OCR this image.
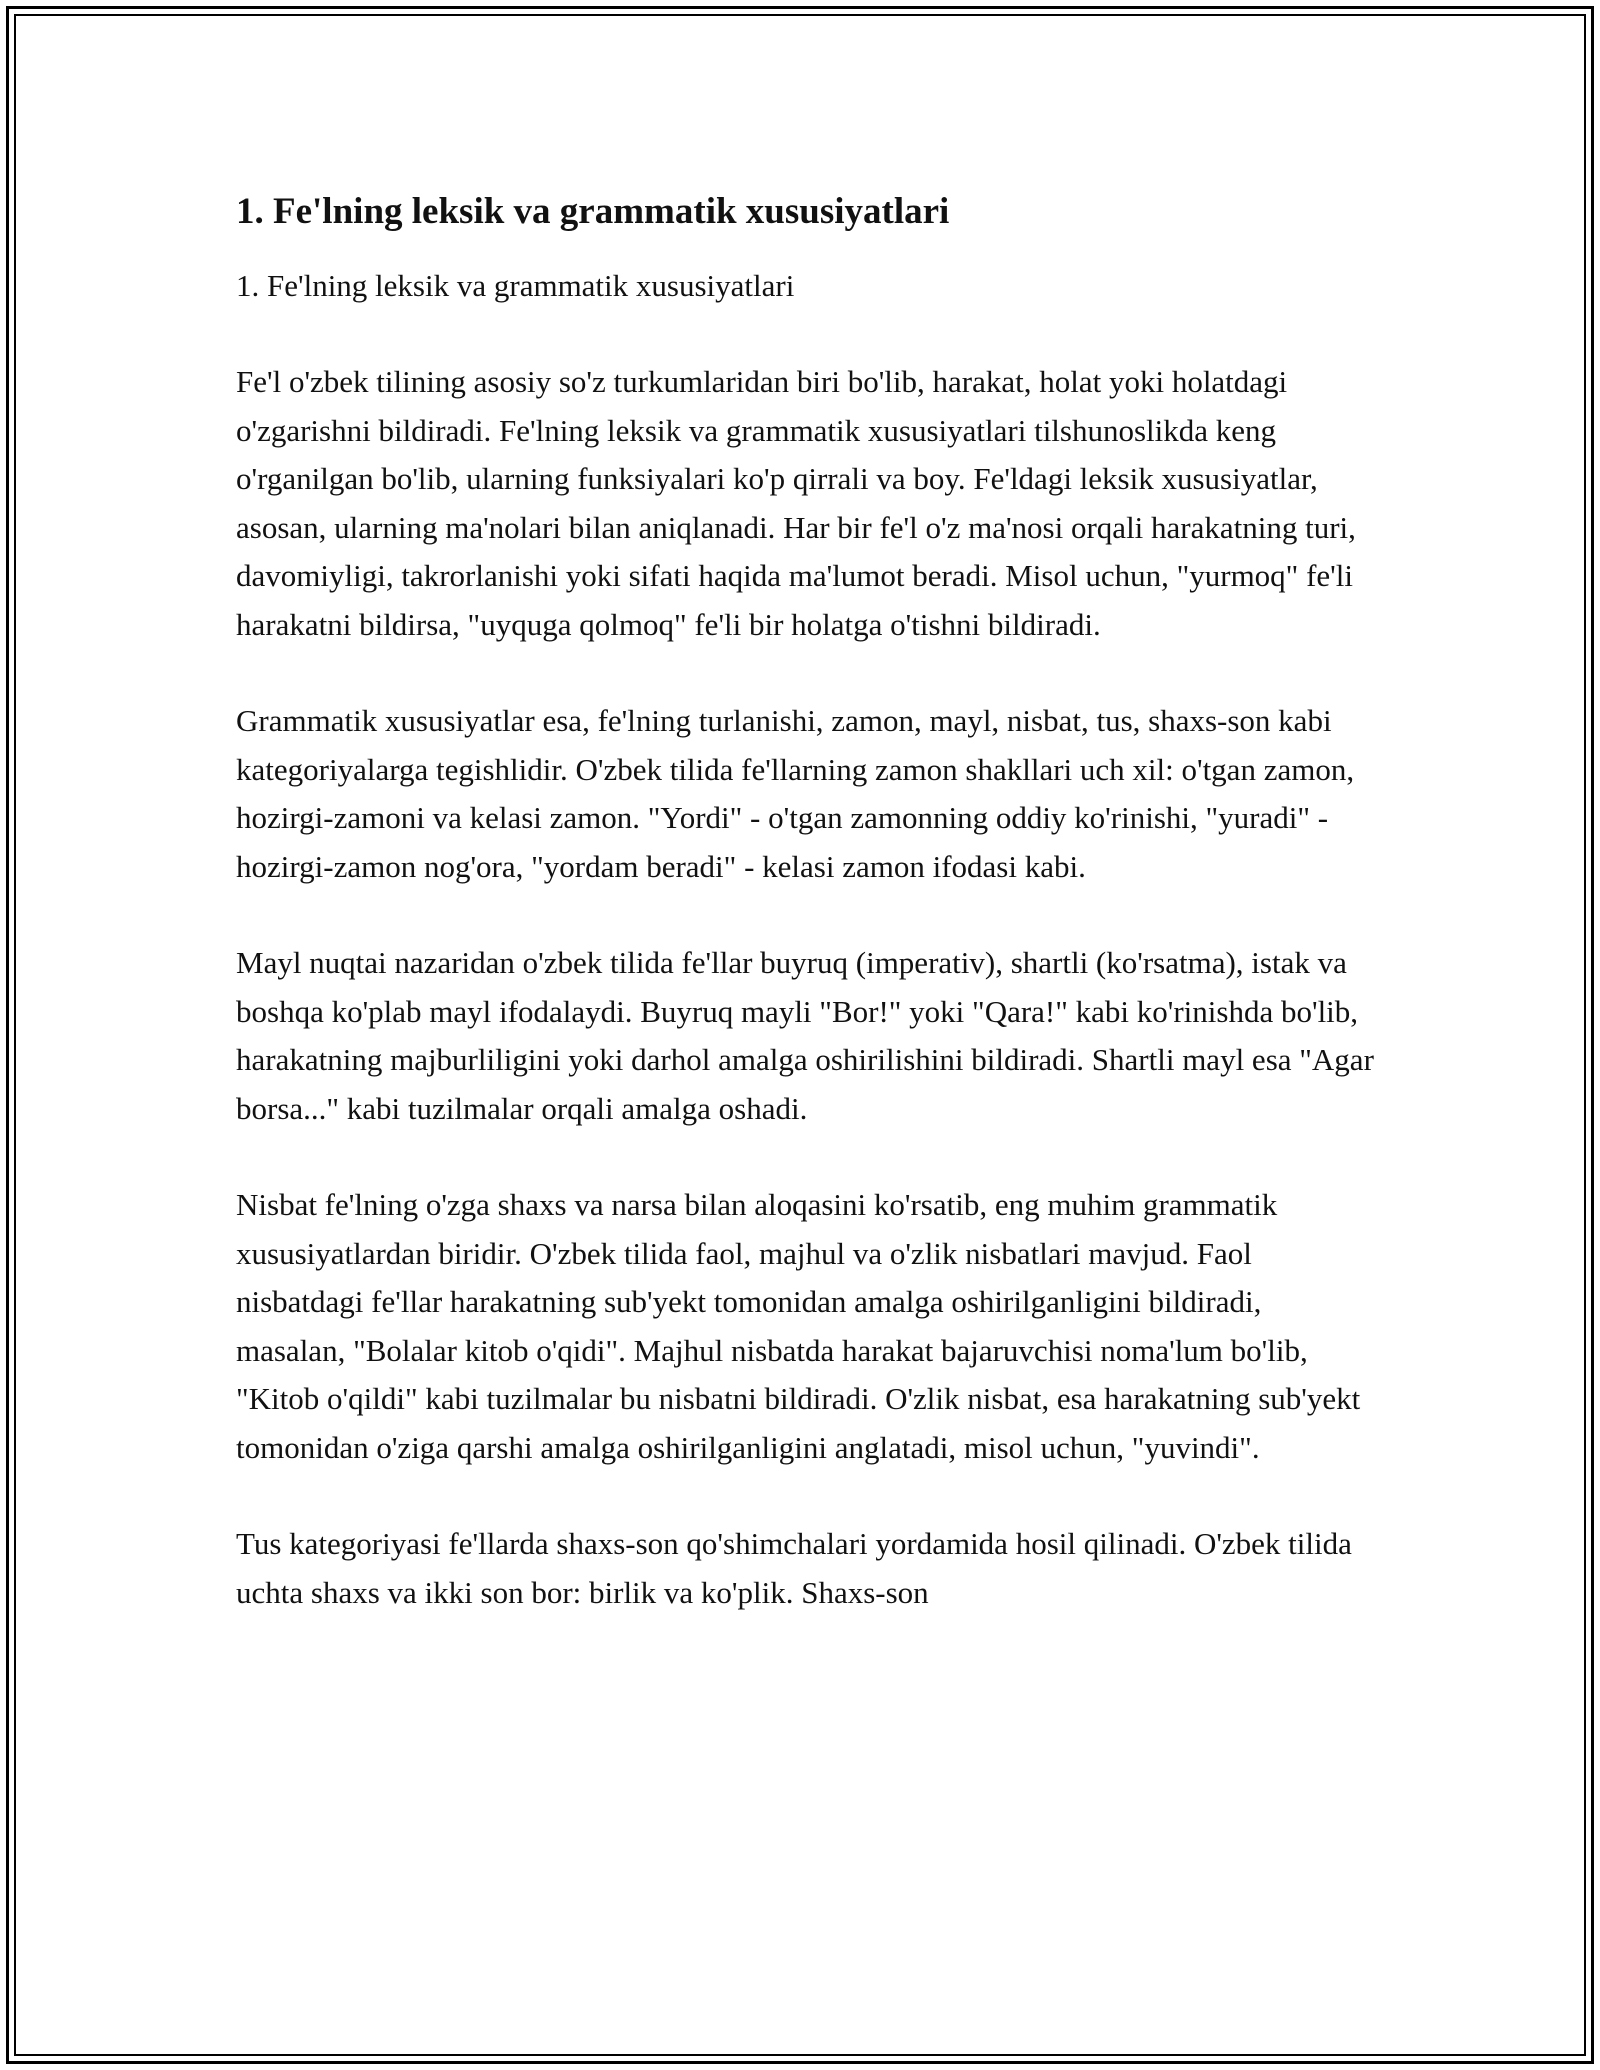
1. Fe'lning leksik va grammatik xususiyatlari

1. Fe'lning leksik va grammatik xususiyatlari

Fe'l o'zbek tilining asosiy so'z turkumlaridan biri bo'lib, harakat, holat yoki holatdagi o'zgarishni bildiradi. Fe'lning leksik va grammatik xususiyatlari tilshunoslikda keng o'rganilgan bo'lib, ularning funksiyalari ko'p qirrali va boy. Fe'ldagi leksik xususiyatlar, asosan, ularning ma'nolari bilan aniqlanadi. Har bir fe'l o'z ma'nosi orqali harakatning turi, davomiyligi, takrorlanishi yoki sifati haqida ma'lumot beradi. Misol uchun, "yurmoq" fe'li harakatni bildirsa, "uyquga qolmoq" fe'li bir holatga o'tishni bildiradi.

Grammatik xususiyatlar esa, fe'lning turlanishi, zamon, mayl, nisbat, tus, shaxs-son kabi kategoriyalarga tegishlidir. O'zbek tilida fe'llarning zamon shakllari uch xil: o'tgan zamon, hozirgi-zamoni va kelasi zamon. "Yordi" - o'tgan zamonning oddiy ko'rinishi, "yuradi" - hozirgi-zamon nog'ora, "yordam beradi" - kelasi zamon ifodasi kabi.

Mayl nuqtai nazaridan o'zbek tilida fe'llar buyruq (imperativ), shartli (ko'rsatma), istak va boshqa ko'plab mayl ifodalaydi. Buyruq mayli "Bor!" yoki "Qara!" kabi ko'rinishda bo'lib, harakatning majburliligini yoki darhol amalga oshirilishini bildiradi. Shartli mayl esa "Agar borsa..." kabi tuzilmalar orqali amalga oshadi.

Nisbat fe'lning o'zga shaxs va narsa bilan aloqasini ko'rsatib, eng muhim grammatik xususiyatlardan biridir. O'zbek tilida faol, majhul va o'zlik nisbatlari mavjud. Faol nisbatdagi fe'llar harakatning sub'yekt tomonidan amalga oshirilganligini bildiradi, masalan, "Bolalar kitob o'qidi". Majhul nisbatda harakat bajaruvchisi noma'lum bo'lib, "Kitob o'qildi" kabi tuzilmalar bu nisbatni bildiradi. O'zlik nisbat, esa harakatning sub'yekt tomonidan o'ziga qarshi amalga oshirilganligini anglatadi, misol uchun, "yuvindi".

Tus kategoriyasi fe'llarda shaxs-son qo'shimchalari yordamida hosil qilinadi. O'zbek tilida uchta shaxs va ikki son bor: birlik va ko'plik. Shaxs-son
